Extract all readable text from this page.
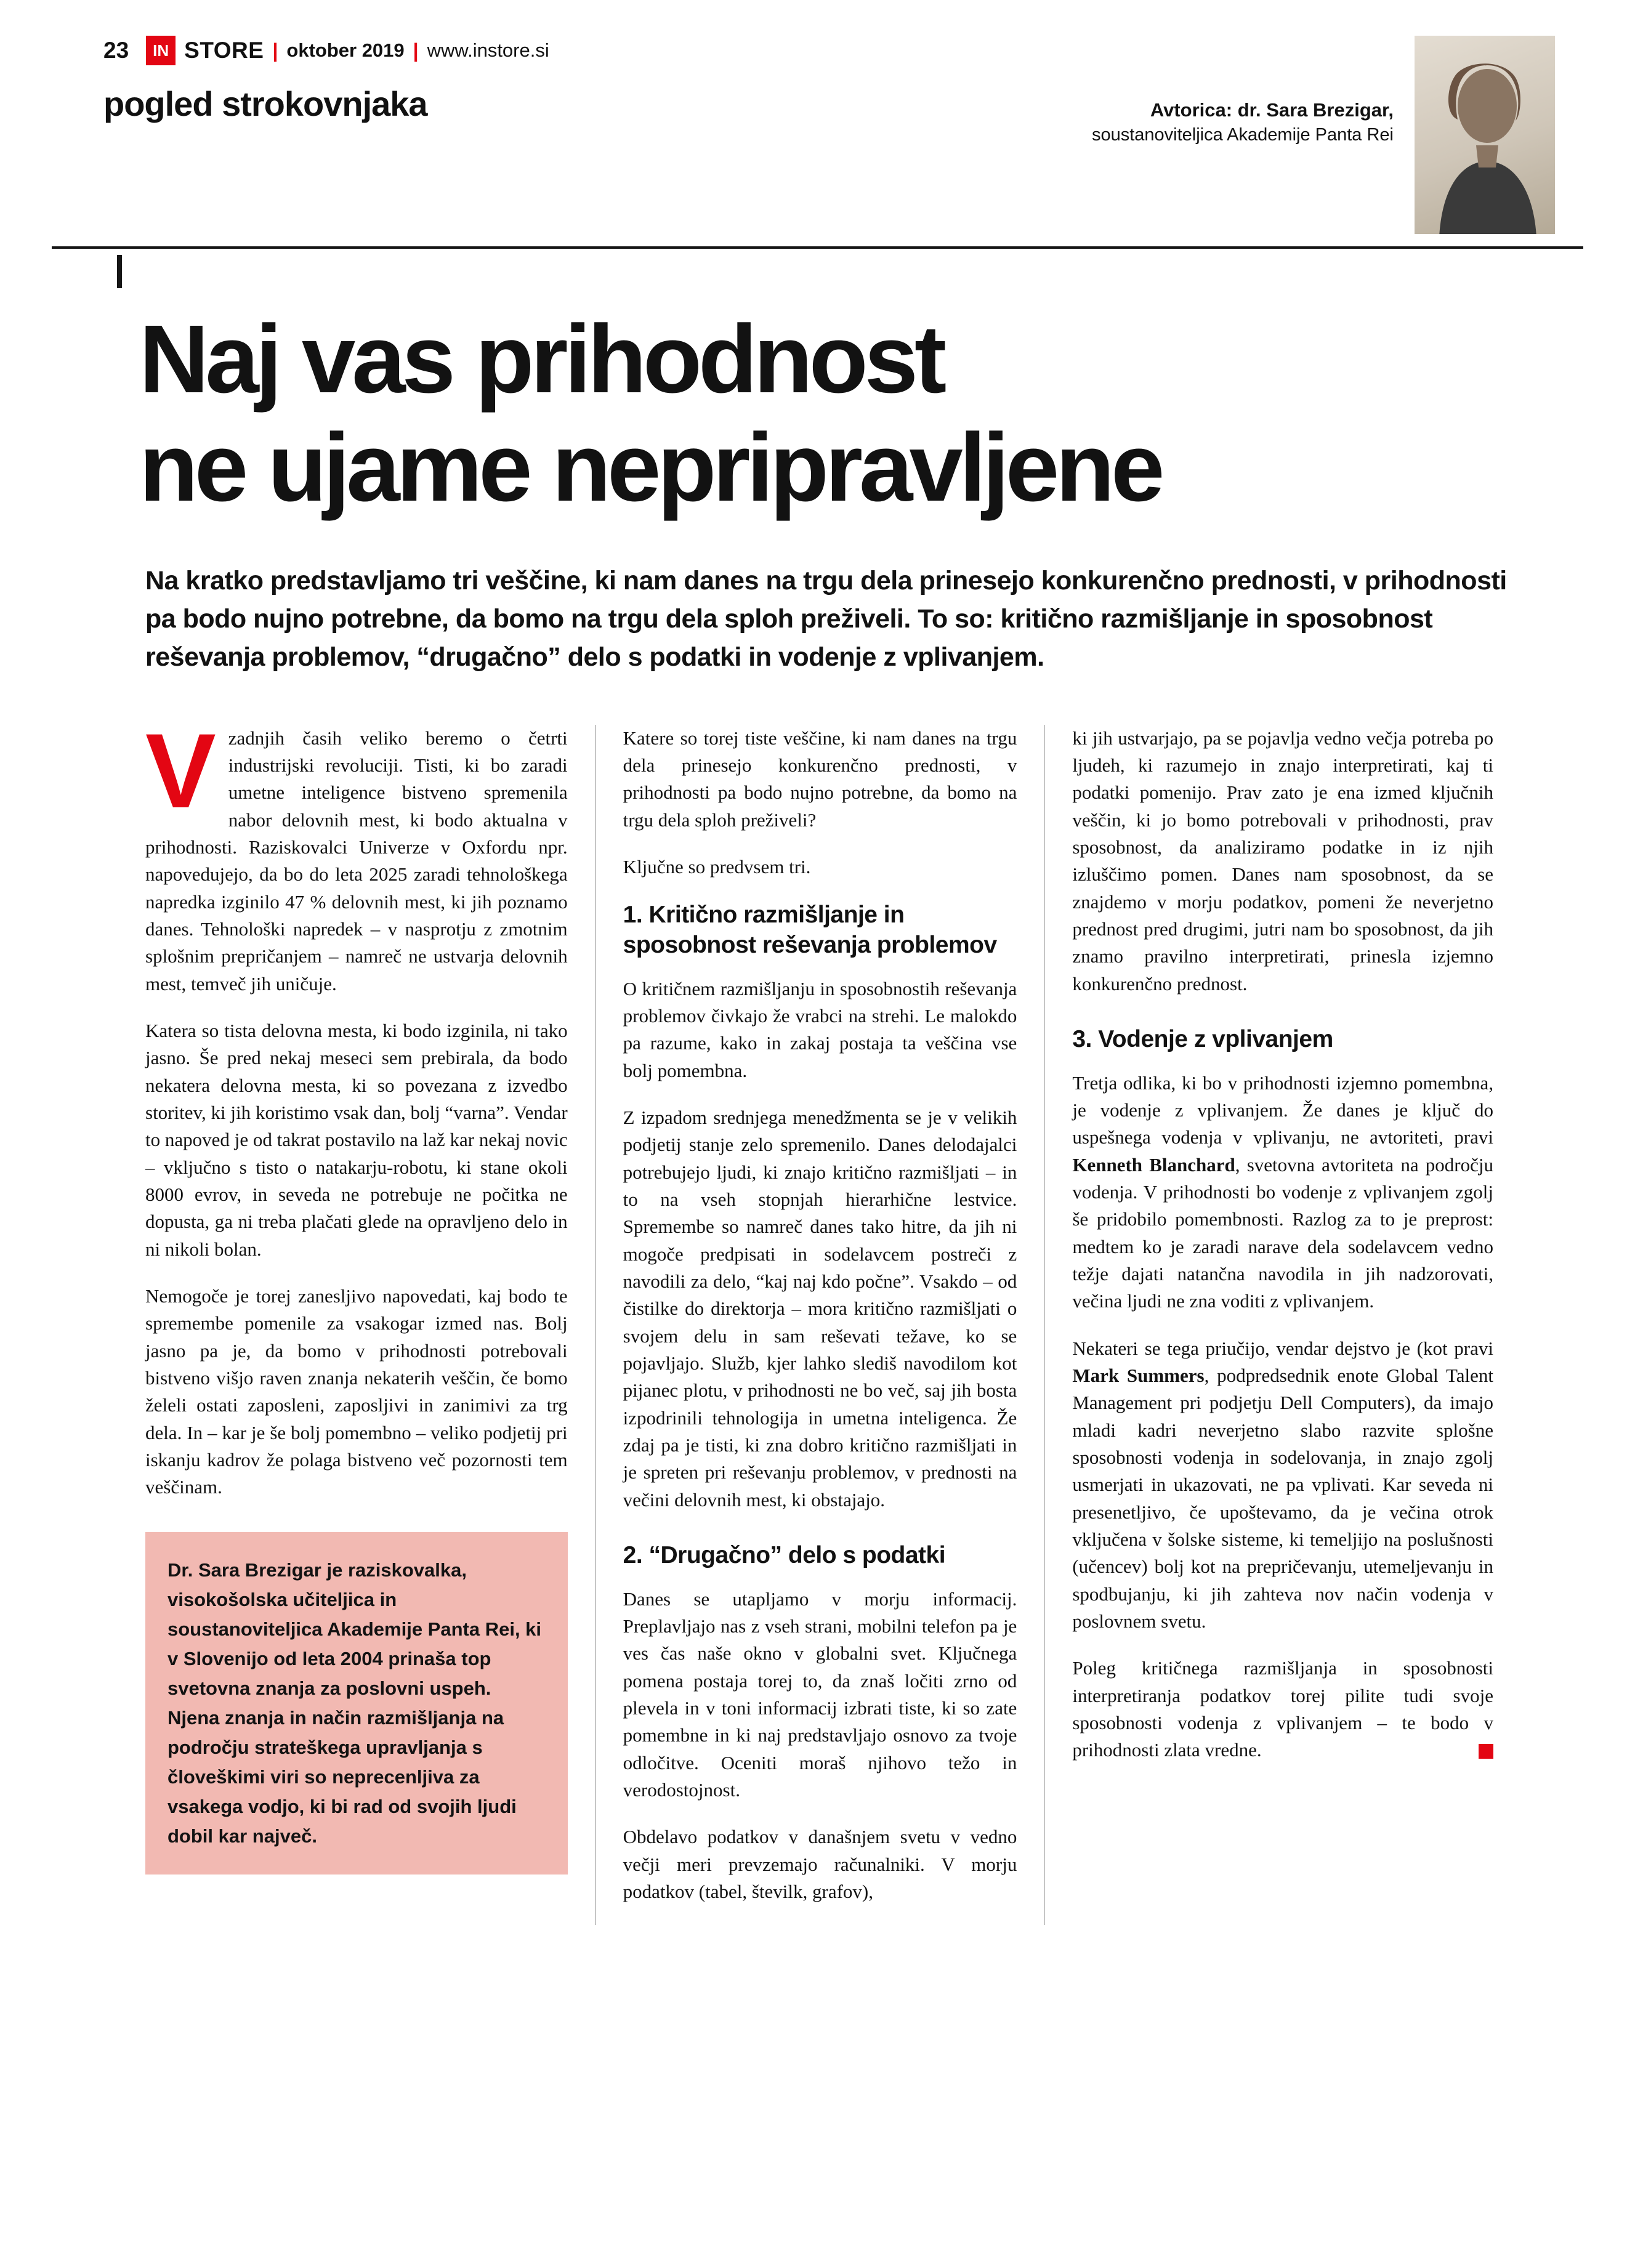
23	IN STORE | oktober 2019 | www.instore.si
pogled strokovnjaka	Avtorica: dr. Sara Brezigar,
soustanoviteljica Akademije Panta Rei
Naj vas prihodnost
ne ujame nepripravljene
Na kratko predstavljamo tri veščine, ki nam danes na trgu dela prinesejo konkurenčno prednosti, v prihodnosti pa bodo nujno potrebne, da bomo na trgu dela sploh preživeli. To so: kritično razmišljanje in sposobnost reševanja problemov, “drugačno” delo s podatki in vodenje z vplivanjem.

Vzadnjih časih veliko beremo o četrti industrijski revoluciji. Tisti, ki bo zaradi umetne inteligence bistveno spremenila nabor delovnih mest, ki bodo aktualna v prihodnosti. Raziskovalci Univerze v Oxfordu npr. napovedujejo, da bo do leta 2025 zaradi tehnološkega napredka izginilo 47 % delovnih mest, ki jih poznamo danes. Tehnološki napredek – v nasprotju z zmotnim splošnim prepričanjem – namreč ne ustvarja delovnih mest, temveč jih uničuje.

Katera so tista delovna mesta, ki bodo izginila, ni tako jasno. Še pred nekaj meseci sem prebirala, da bodo nekatera delovna mesta, ki so povezana z izvedbo storitev, ki jih koristimo vsak dan, bolj “varna”. Vendar to napoved je od takrat postavilo na laž kar nekaj novic – vključno s tisto o natakarju-robotu, ki stane okoli 8000 evrov, in seveda ne potrebuje ne počitka ne dopusta, ga ni treba plačati glede na opravljeno delo in ni nikoli bolan.

Nemogoče je torej zanesljivo napovedati, kaj bodo te spremembe pomenile za vsakogar izmed nas. Bolj jasno pa je, da bomo v prihodnosti potrebovali bistveno višjo raven znanja nekaterih veščin, če bomo želeli ostati zaposleni, zaposljivi in zanimivi za trg dela. In – kar je še bolj pomembno – veliko podjetij pri iskanju kadrov že polaga bistveno več pozornosti tem veščinam.

Dr. Sara Brezigar je raziskovalka, visokošolska učiteljica in soustanoviteljica Akademije Panta Rei, ki v Slovenijo od leta 2004 prinaša top svetovna znanja za poslovni uspeh. Njena znanja in način razmišljanja na področju strateškega upravljanja s človeškimi viri so neprecenljiva za vsakega vodjo, ki bi rad od svojih ljudi dobil kar največ.

Katere so torej tiste veščine, ki nam danes na trgu dela prinesejo konkurenčno prednosti, v prihodnosti pa bodo nujno potrebne, da bomo na trgu dela sploh preživeli?

Ključne so predvsem tri.

1. Kritično razmišljanje in sposobnost reševanja problemov

O kritičnem razmišljanju in sposobnostih reševanja problemov čivkajo že vrabci na strehi. Le malokdo pa razume, kako in zakaj postaja ta veščina vse bolj pomembna.

Z izpadom srednjega menedžmenta se je v velikih podjetij stanje zelo spremenilo. Danes delodajalci potrebujejo ljudi, ki znajo kritično razmišljati – in to na vseh stopnjah hierarhične lestvice. Spremembe so namreč danes tako hitre, da jih ni mogoče predpisati in sodelavcem postreči z navodili za delo, “kaj naj kdo počne”. Vsakdo – od čistilke do direktorja – mora kritično razmišljati o svojem delu in sam reševati težave, ko se pojavljajo. Služb, kjer lahko slediš navodilom kot pijanec plotu, v prihodnosti ne bo več, saj jih bosta izpodrinili tehnologija in umetna inteligenca. Že zdaj pa je tisti, ki zna dobro kritično razmišljati in je spreten pri reševanju problemov, v prednosti na večini delovnih mest, ki obstajajo.

2. “Drugačno” delo s podatki

Danes se utapljamo v morju informacij. Preplavljajo nas z vseh strani, mobilni telefon pa je ves čas naše okno v globalni svet. Ključnega pomena postaja torej to, da znaš ločiti zrno od plevela in v toni informacij izbrati tiste, ki so zate pomembne in ki naj predstavljajo osnovo za tvoje odločitve. Oceniti moraš njihovo težo in verodostojnost.

Obdelavo podatkov v današnjem svetu v vedno večji meri prevzemajo računalniki. V morju podatkov (tabel, številk, grafov),

ki jih ustvarjajo, pa se pojavlja vedno večja potreba po ljudeh, ki razumejo in znajo interpretirati, kaj ti podatki pomenijo. Prav zato je ena izmed ključnih veščin, ki jo bomo potrebovali v prihodnosti, prav sposobnost, da analiziramo podatke in iz njih izluščimo pomen. Danes nam sposobnost, da se znajdemo v morju podatkov, pomeni že neverjetno prednost pred drugimi, jutri nam bo sposobnost, da jih znamo pravilno interpretirati, prinesla izjemno konkurenčno prednost.

3. Vodenje z vplivanjem

Tretja odlika, ki bo v prihodnosti izjemno pomembna, je vodenje z vplivanjem. Že danes je ključ do uspešnega vodenja v vplivanju, ne avtoriteti, pravi Kenneth Blanchard, svetovna avtoriteta na področju vodenja. V prihodnosti bo vodenje z vplivanjem zgolj še pridobilo pomembnosti. Razlog za to je preprost: medtem ko je zaradi narave dela sodelavcem vedno težje dajati natančna navodila in jih nadzorovati, večina ljudi ne zna voditi z vplivanjem.

Nekateri se tega priučijo, vendar dejstvo je (kot pravi Mark Summers, podpredsednik enote Global Talent Management pri podjetju Dell Computers), da imajo mladi kadri neverjetno slabo razvite splošne sposobnosti vodenja in sodelovanja, in znajo zgolj usmerjati in ukazovati, ne pa vplivati. Kar seveda ni presenetljivo, če upoštevamo, da je večina otrok vključena v šolske sisteme, ki temeljijo na poslušnosti (učencev) bolj kot na prepričevanju, utemeljevanju in spodbujanju, ki jih zahteva nov način vodenja v poslovnem svetu.

Poleg kritičnega razmišljanja in sposobnosti interpretiranja podatkov torej pilite tudi svoje sposobnosti vodenja z vplivanjem – te bodo v prihodnosti zlata vredne.
